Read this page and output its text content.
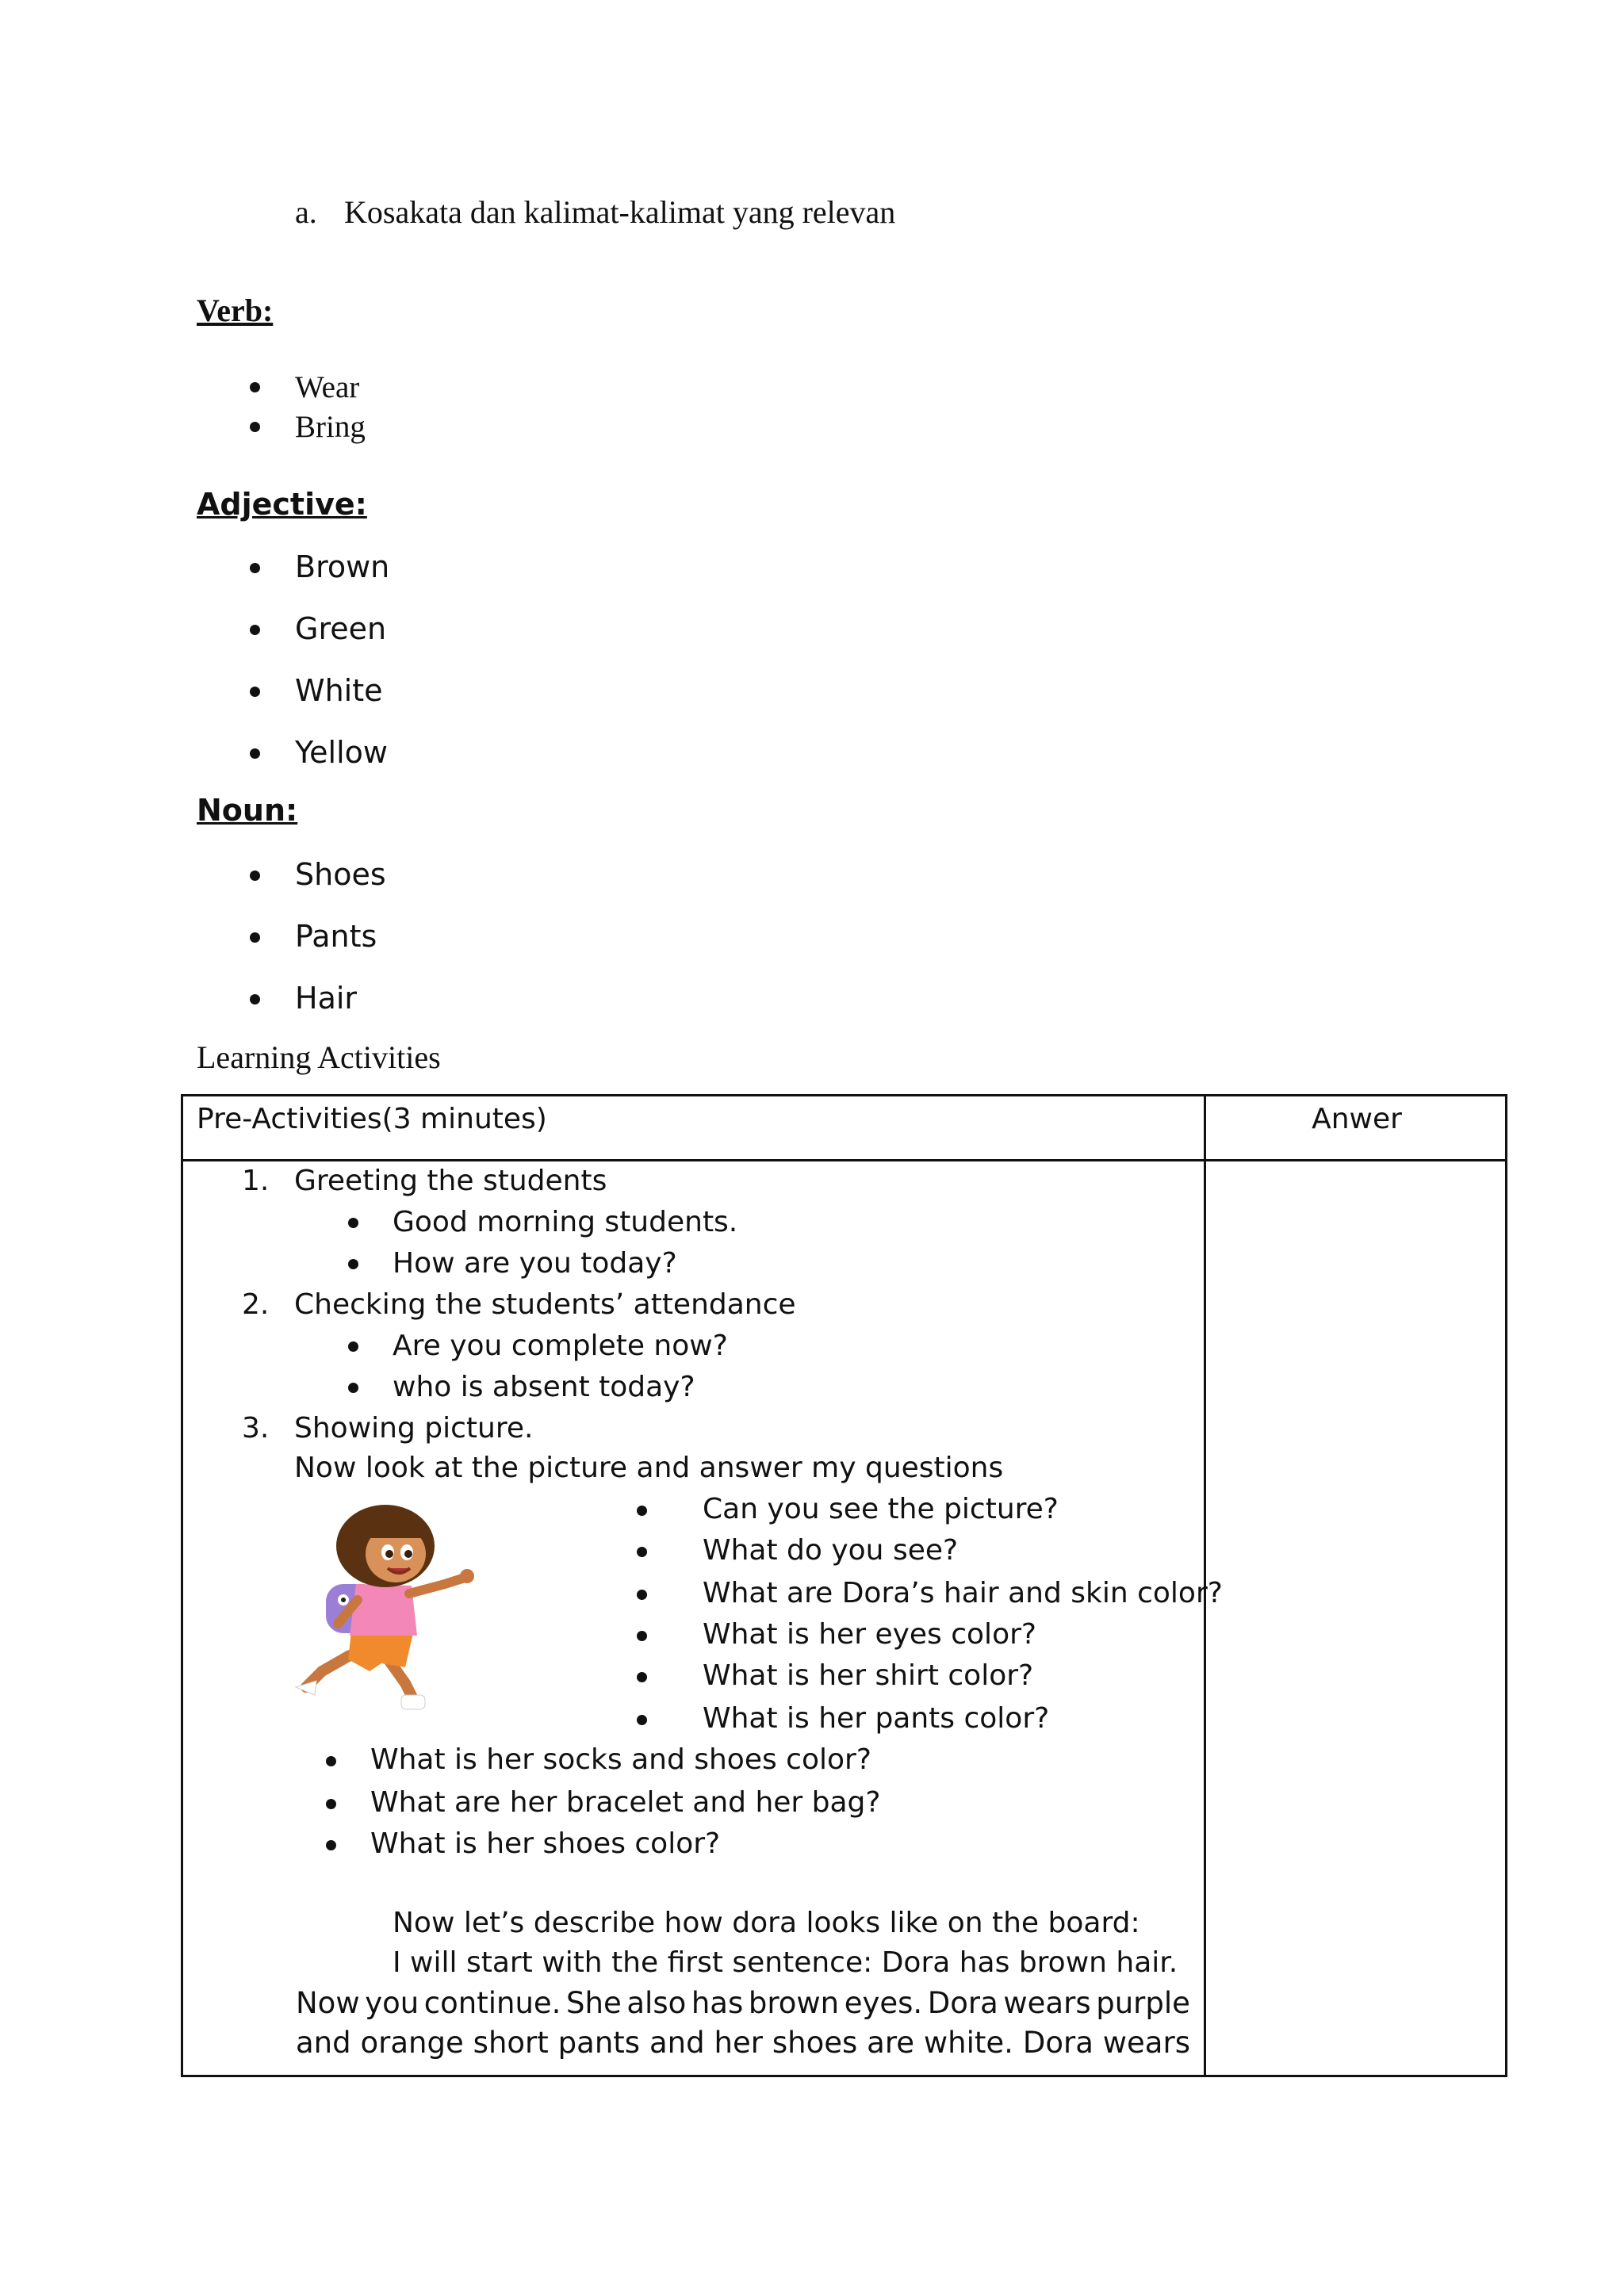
a. Kosakata dan kalimat-kalimat yang relevan
Verb:
Wear
Bring
Adjective:
Brown
Green
White
Yellow
Noun:
Shoes
Pants
Hair
Learning Activities
Pre-Activities(3 minutes)	Anwer
1. Greeting the students
Good morning students.
How are you today?
2. Checking the students’ attendance
Are you complete now?
who is absent today?
3. Showing picture.
Now look at the picture and answer my questions
Can you see the picture?
What do you see?
What are Dora’s hair and skin color?
What is her eyes color?
What is her shirt color?
What is her pants color?
What is her socks and shoes color?
What are her bracelet and her bag?
What is her shoes color?
Now let’s describe how dora looks like on the board:
I will start with the first sentence: Dora has brown hair.
Now you continue. She also has brown eyes. Dora wears purple
and orange short pants and her shoes are white. Dora wears
